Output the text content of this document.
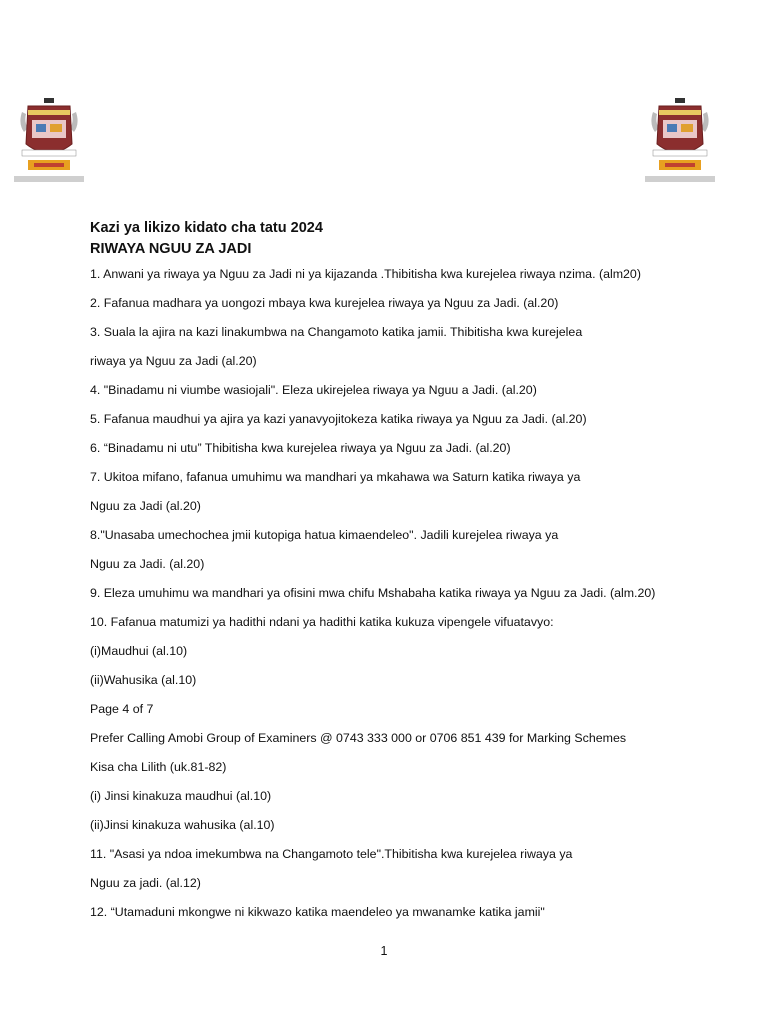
Kazi ya likizo kidato cha tatu 2024

RIWAYA NGUU ZA JADI

1. Anwani ya riwaya ya Nguu za Jadi ni ya kijazanda .Thibitisha kwa kurejelea riwaya nzima. (alm20)

2. Fafanua madhara ya uongozi mbaya kwa kurejelea riwaya ya Nguu za Jadi. (al.20)

3. Suala la ajira na kazi linakumbwa na Changamoto katika jamii. Thibitisha kwa kurejelea

riwaya ya Nguu za Jadi (al.20)

4. "Binadamu ni viumbe wasiojali". Eleza ukirejelea riwaya ya Nguu a Jadi. (al.20)

5. Fafanua maudhui ya ajira ya kazi yanavyojitokeza katika riwaya ya Nguu za Jadi. (al.20)

6. “Binadamu ni utu” Thibitisha kwa kurejelea riwaya ya Nguu za Jadi. (al.20)

7. Ukitoa mifano, fafanua umuhimu wa mandhari ya mkahawa wa Saturn katika riwaya ya

Nguu za Jadi (al.20)

8."Unasaba umechochea jmii kutopiga hatua kimaendeleo". Jadili kurejelea riwaya ya

Nguu za Jadi. (al.20)

9. Eleza umuhimu wa mandhari ya ofisini mwa chifu Mshabaha katika riwaya ya Nguu za Jadi. (alm.20)

10. Fafanua matumizi ya hadithi ndani ya hadithi katika kukuza vipengele vifuatavyo:

(i)Maudhui (al.10)

(ii)Wahusika (al.10)

Page 4 of 7

Prefer Calling Amobi Group of Examiners @ 0743 333 000 or 0706 851 439 for Marking Schemes

Kisa cha Lilith (uk.81-82)

(i) Jinsi kinakuza maudhui (al.10)

(ii)Jinsi kinakuza wahusika (al.10)

11. "Asasi ya ndoa imekumbwa na Changamoto tele".Thibitisha kwa kurejelea riwaya ya

Nguu za jadi. (al.12)

12. “Utamaduni mkongwe ni kikwazo katika maendeleo ya mwanamke katika jamii"

1
